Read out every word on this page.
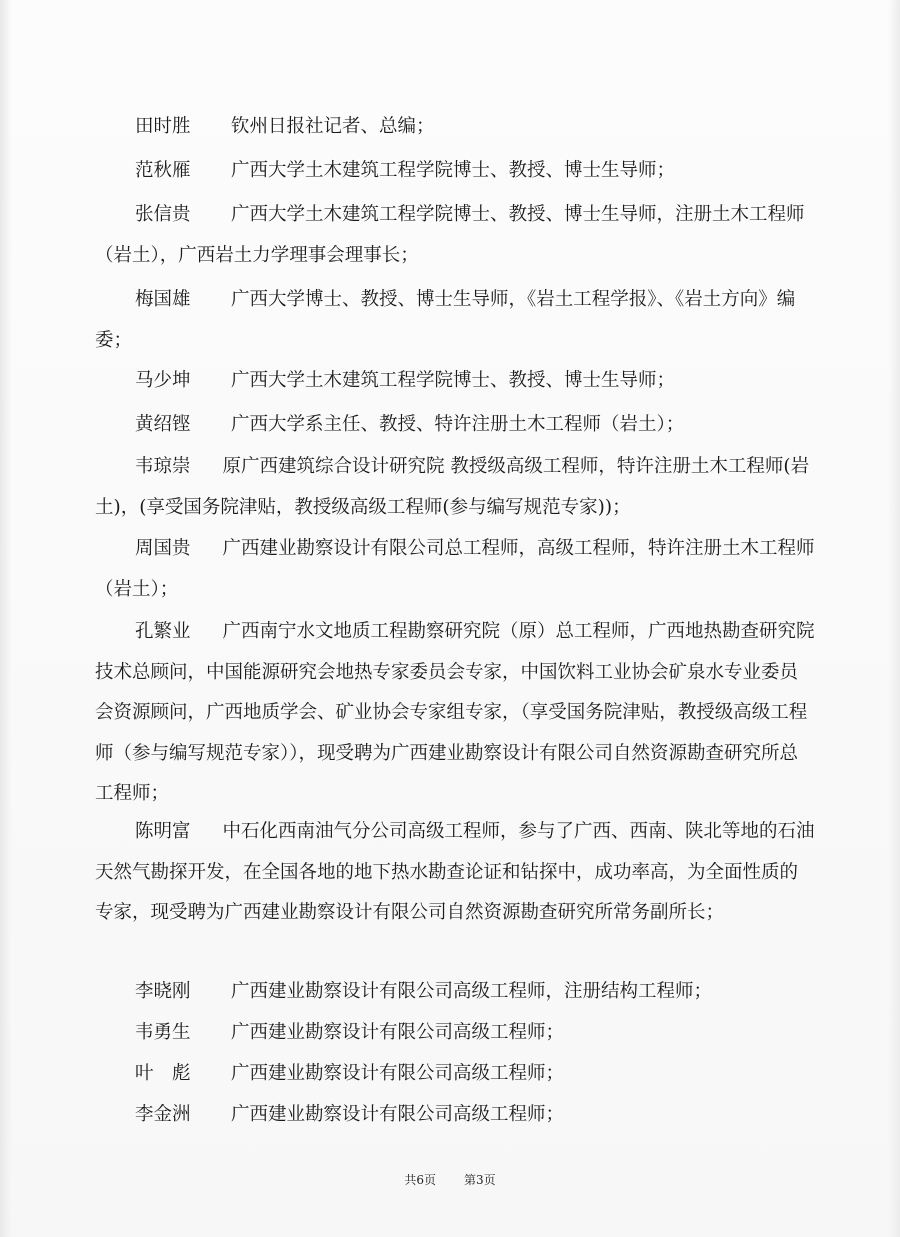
田时胜 钦州日报社记者、总编；

范秋雁 广西大学土木建筑工程学院博士、教授、博士生导师；

张信贵 广西大学土木建筑工程学院博士、教授、博士生导师，注册土木工程师（岩土），广西岩土力学理事会理事长；

梅国雄 广西大学博士、教授、博士生导师，《岩土工程学报》、《岩土方向》编委；

马少坤 广西大学土木建筑工程学院博士、教授、博士生导师；

黄绍铿 广西大学系主任、教授、特许注册土木工程师（岩土）；

韦琼崇 原广西建筑综合设计研究院 教授级高级工程师，特许注册土木工程师(岩土)，(享受国务院津贴，教授级高级工程师(参与编写规范专家))；

周国贵 广西建业勘察设计有限公司总工程师，高级工程师，特许注册土木工程师（岩土）；

孔繁业 广西南宁水文地质工程勘察研究院（原）总工程师，广西地热勘查研究院技术总顾问，中国能源研究会地热专家委员会专家，中国饮料工业协会矿泉水专业委员会资源顾问，广西地质学会、矿业协会专家组专家，（享受国务院津贴，教授级高级工程师（参与编写规范专家）），现受聘为广西建业勘察设计有限公司自然资源勘查研究所总工程师；

陈明富 中石化西南油气分公司高级工程师，参与了广西、西南、陕北等地的石油天然气勘探开发，在全国各地的地下热水勘查论证和钻探中，成功率高，为全面性质的专家，现受聘为广西建业勘察设计有限公司自然资源勘查研究所常务副所长；

李晓刚 广西建业勘察设计有限公司高级工程师，注册结构工程师；

韦勇生 广西建业勘察设计有限公司高级工程师；

叶　彪 广西建业勘察设计有限公司高级工程师；

李金洲 广西建业勘察设计有限公司高级工程师；

共6页 第3页
